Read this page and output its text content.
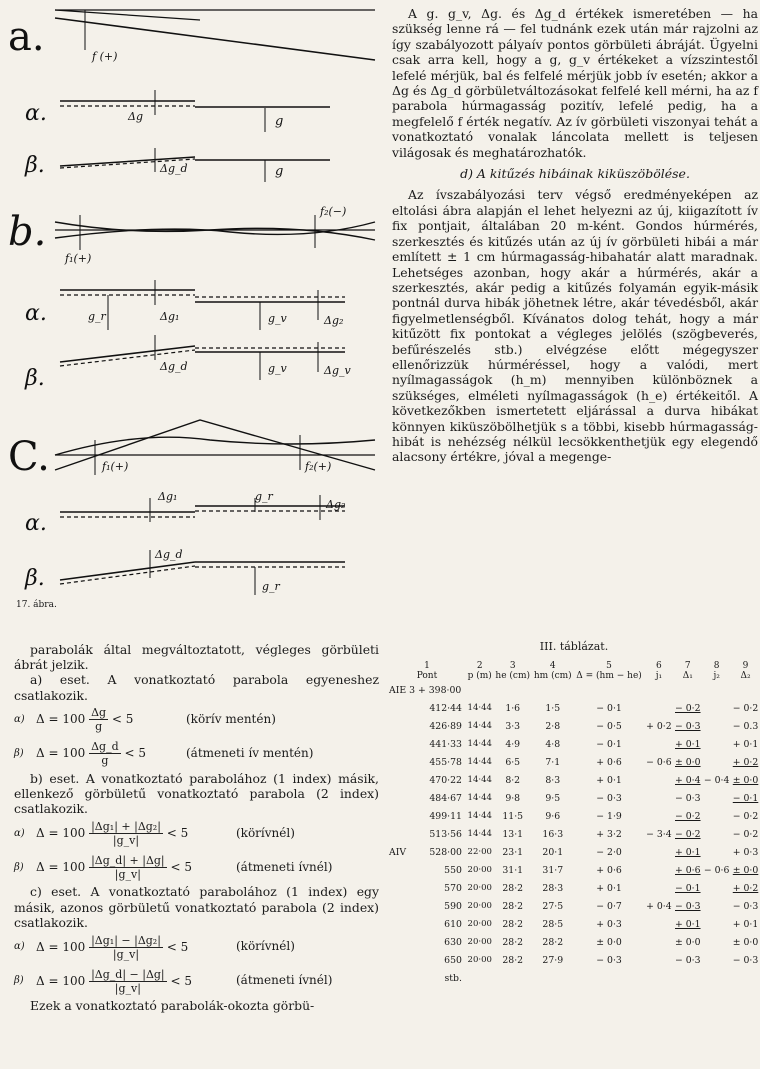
a.	f (+)
α.	Δg	g
β.	Δg_d	g
b.
f₁(+)
f₂(−)
α.	g_r	Δg₁	g_v	Δg₂
β.	Δg_d	g_v	Δg_v
C.	f₁(+)	f₂(+)
α.
Δg₁	g_r
Δg₂
β.
Δg_d
g_r
17. ábra.

A g. g_v, Δg. és Δg_d értékek ismeretében — ha szükség lenne rá — fel tudnánk ezek után már rajzolni az így szabályozott pályaív pontos görbületi ábráját. Ügyelni csak arra kell, hogy a g, g_v értékeket a vízszintestől lefelé mérjük, bal és felfelé mérjük jobb ív esetén; akkor a Δg és Δg_d görbületváltozásokat felfelé kell mérni, ha az f parabola húrmagasság pozitív, lefelé pedig, ha a megfelelő f érték negatív. Az ív görbületi viszonyai tehát a vonatkoztató vonalak láncolata mellett is teljesen világosak és meghatározhatók.

d) A kitűzés hibáinak kiküszöbölése.

Az ívszabályozási terv végső eredményeképen az eltolási ábra alapján el lehet helyezni az új, kiigazított ív fix pontjait, általában 20 m-ként. Gondos húrmérés, szerkesztés és kitűzés után az új ív görbületi hibái a már említett ± 1 cm húrmagasság-hibahatár alatt maradnak. Lehetséges azonban, hogy akár a húrmérés, akár a szerkesztés, akár pedig a kitűzés folyamán egyik-másik pontnál durva hibák jöhetnek létre, akár tévedésből, akár figyelmetlenségből. Kívánatos dolog tehát, hogy a már kitűzött fix pontokat a végleges jelölés (szögbeverés, befűrészelés stb.) elvégzése előtt mégegyszer ellenőrizzük húrméréssel, hogy a valódi, mert nyílmagasságok (h_m) mennyiben különböznek a szükséges, elméleti nyílmagasságok (h_e) értékeitől. A következőkben ismertetett eljárással a durva hibákat könnyen kiküszöbölhetjük s a többi, kisebb húrmagasság-hibát is nehézség nélkül lecsökkenthetjük egy elegendő alacsony értékre, jóval a megenge-

parabolák által megváltoztatott, végleges görbületi ábrát jelzik.

a) eset. A vonatkoztató parabola egyeneshez csatlakozik.

α) $\Delta = 100 \frac{\Delta g}{g} < 5$	(körív mentén)
β)	$\Delta = 100 \frac{\Delta g\_d}{g} < 5$	(átmeneti ív mentén)

b) eset. A vonatkoztató parabolához (1 index) másik, ellenkező görbületű vonatkoztató parabola (2 index) csatlakozik.

α) $\Delta = 100 \frac{\text{|Δg₁| + |Δg₂|}}{|g\_v|} < 5$	(körívnél)
β)	$\Delta = 100 \frac{|\Delta g\_d| + |\Delta g|}{|g\_v|} < 5$	(átmeneti ívnél)

c) eset. A vonatkoztató parabolához (1 index) egy másik, azonos görbületű vonatkoztató parabola (2 index) csatlakozik.

α) $\Delta = 100 \frac{\text{|Δg₁| − |Δg₂|}}{|g\_v|} < 5$	(körívnél)
β)	$\Delta = 100 \frac{|\Delta g\_d| - |\Delta g|}{|g\_v|} < 5$	(átmeneti ívnél)

Ezek a vonatkoztató parabolák-okozta görbü-

III. táblázat.
1		2	3	4	5	6	7	8	9
Pont		p (m)	he (cm)	hm (cm)	Δ = (hm − he)	j₁	Δ₁	j₂	Δ₂
AIE 3 + 398·00									
	412·44	14·44	1·6	1·5	− 0·1		− 0·2		− 0·2
	426·89	14·44	3·3	2·8	− 0·5	+ 0·2	− 0·3		− 0.3
	441·33	14·44	4·9	4·8	− 0·1		+ 0·1		+ 0·1
	455·78	14·44	6·5	7·1	+ 0·6	− 0·6	± 0·0		+ 0·2
	470·22	14·44	8·2	8·3	+ 0·1		+ 0·4	− 0·4	± 0·0
	484·67	14·44	9·8	9·5	− 0·3		− 0·3		− 0·1
	499·11	14·44	11·5	9·6	− 1·9		− 0·2		− 0·2
	513·56	14·44	13·1	16·3	+ 3·2	− 3·4	− 0·2		− 0·2
AIV	528·00	22·00	23·1	20·1	− 2·0		+ 0·1		+ 0·3
	550	20·00	31·1	31·7	+ 0·6		+ 0·6	− 0·6	± 0·0
	570	20·00	28·2	28·3	+ 0·1		− 0·1		+ 0·2
	590	20·00	28·2	27·5	− 0·7	+ 0·4	− 0·3		− 0·3
	610	20·00	28·2	28·5	+ 0·3		+ 0·1		+ 0·1
	630	20·00	28·2	28·2	± 0·0		± 0·0		± 0·0
	650	20·00	28·2	27·9	− 0·3		− 0·3		− 0·3
stb.									
